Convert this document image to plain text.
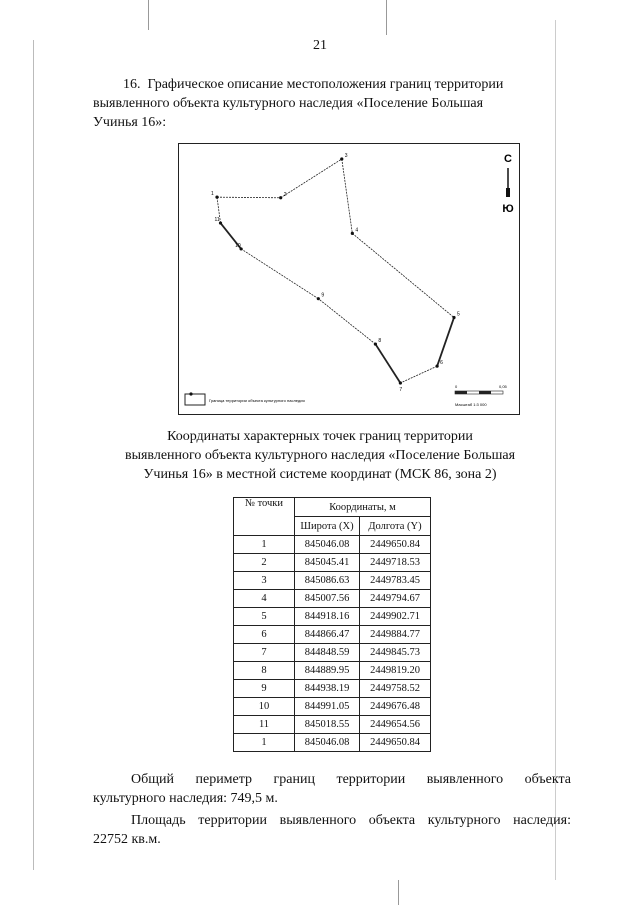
21
16. Графическое описание местоположения границ территории
выявленного объекта культурного наследия «Поселение Большая
Учинья 16»:
1	2
3
4
5
6
7
8
9
10
11
С
Ю
Граница территории объекта культурного наследия
0	0,05
Масштаб 1:3 000
Координаты характерных точек границ территории
выявленного объекта культурного наследия «Поселение Большая
Учинья 16» в местной системе координат (МСК 86, зона 2)
№ точки	Координаты, м	
	Широта (X)	Долгота (Y)
1	845046.08	2449650.84
2	845045.41	2449718.53
3	845086.63	2449783.45
4	845007.56	2449794.67
5	844918.16	2449902.71
6	844866.47	2449884.77
7	844848.59	2449845.73
8	844889.95	2449819.20
9	844938.19	2449758.52
10	844991.05	2449676.48
11	845018.55	2449654.56
1	845046.08	2449650.84
Общий периметр границ территории выявленного объекта
культурного наследия: 749,5 м.
Площадь территории выявленного объекта культурного наследия:
22752 кв.м.
